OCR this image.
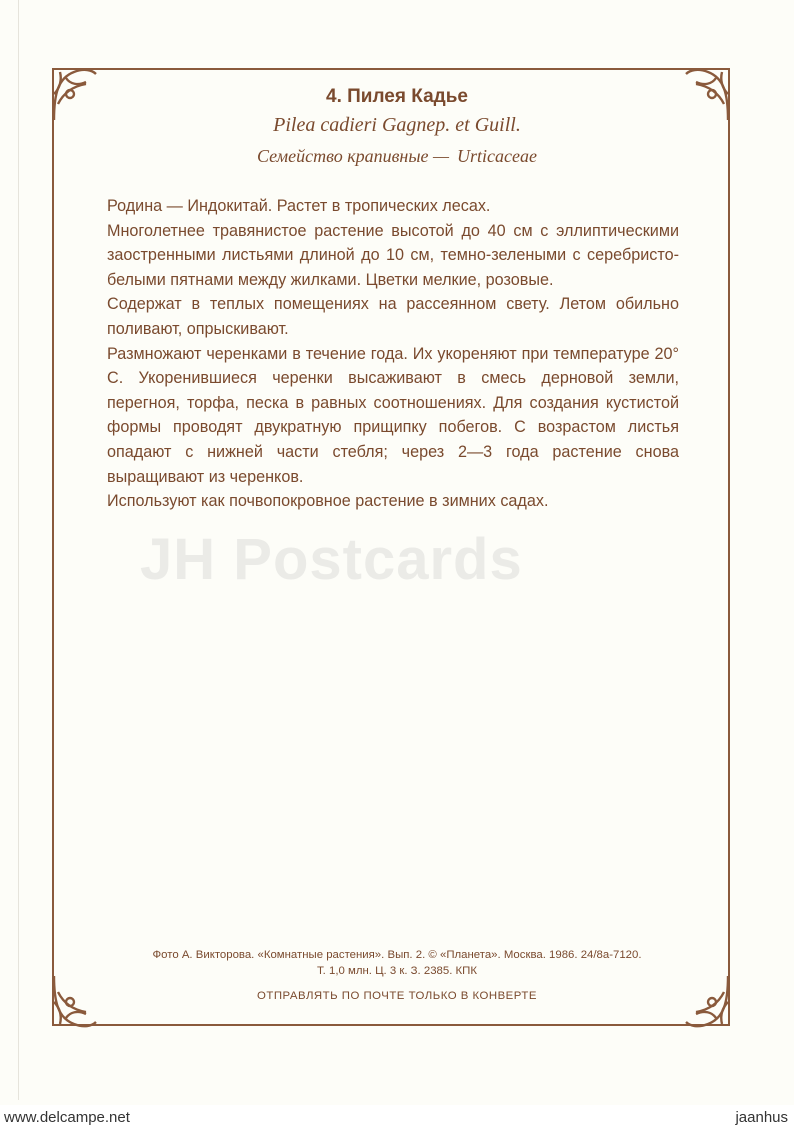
4. Пилея Кадье
Pilea cadieri Gagnep. et Guill.
Семейство крапивные — Urticaceae

Родина — Индокитай. Растет в тропических лесах.

Многолетнее травянистое растение высотой до 40 см с эллиптическими заостренными листьями длиной до 10 см, темно-зелеными с серебристо-белыми пятнами между жилками. Цветки мелкие, розовые.

Содержат в теплых помещениях на рассеянном свету. Летом обильно поливают, опрыскивают.

Размножают черенками в течение года. Их укореняют при температуре 20° С. Укоренившиеся черенки высаживают в смесь дерновой земли, перегноя, торфа, песка в равных соотношениях. Для создания кустистой формы проводят двукратную прищипку побегов. С возрастом листья опадают с нижней части стебля; через 2—3 года растение снова выращивают из черенков.

Используют как почвопокровное растение в зимних садах.

JH Postcards
Фото А. Викторова. «Комнатные растения». Вып. 2. © «Планета». Москва. 1986. 24/8а-7120.
Т. 1,0 млн. Ц. 3 к. З. 2385. КПК
ОТПРАВЛЯТЬ ПО ПОЧТЕ ТОЛЬКО В КОНВЕРТЕ
www.delcampe.net	jaanhus
